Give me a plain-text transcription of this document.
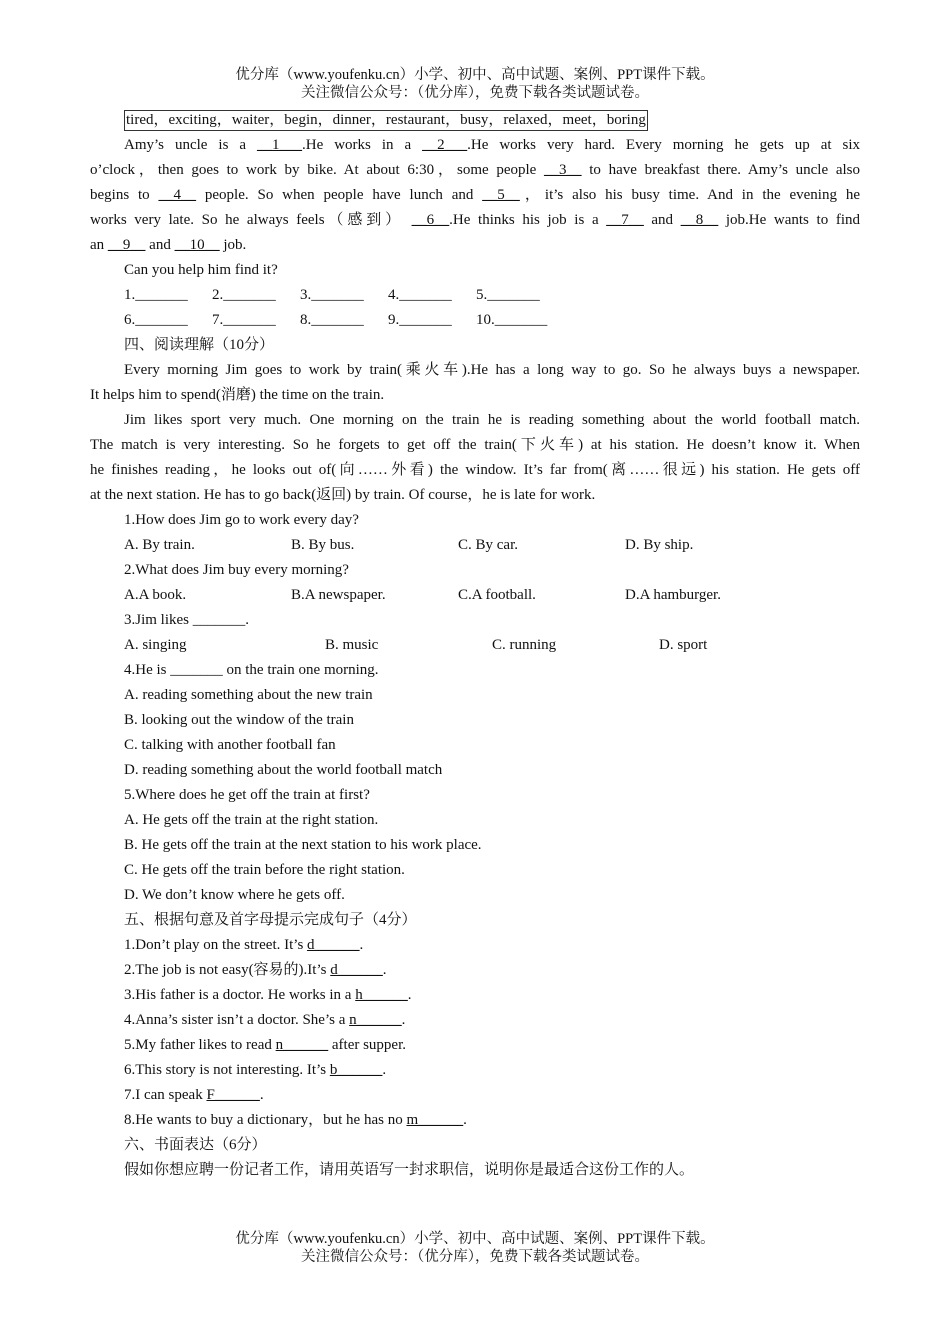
优分库（www.youfenku.cn）小学、初中、高中试题、案例、PPT课件下载。
关注微信公众号：（优分库），免费下载各类试题试卷。
tired，exciting，waiter，begin，dinner，restaurant，busy，relaxed，meet，boring
Amy’s uncle is a __1___.He works in a __2___.He works very hard. Every morning he gets up at six
o’clock，then goes to work by bike. At about 6:30，some people __3__ to have breakfast there. Amy’s uncle also
begins to __4__ people. So when people have lunch and __5__，it’s also his busy time. And in the evening he
works very late. So he always feels（感到） __6__.He thinks his job is a __7__ and __8__ job.He wants to find
an __9__ and __10__ job.
Can you help him find it?
1._______	2._______	3._______	4._______	5._______
6._______	7._______	8._______	9._______	10._______
四、阅读理解（10分）
Every morning Jim goes to work by train(乘火车).He has a long way to go. So he always buys a newspaper.
It helps him to spend(消磨) the time on the train.
Jim likes sport very much. One morning on the train he is reading something about the world football match.
The match is very interesting. So he forgets to get off the train(下火车) at his station. He doesn’t know it. When
he finishes reading，he looks out of(向……外看) the window. It’s far from(离……很远) his station. He gets off
at the next station. He has to go back(返回) by train. Of course，he is late for work.
1.How does Jim go to work every day?
A. By train.	B. By bus.	C. By car.	D. By ship.
2.What does Jim buy every morning?
A.A book.	B.A newspaper.	C.A football.	D.A hamburger.
3.Jim likes _______.
A. singing	B. music	C. running	D. sport
4.He is _______ on the train one morning.
A. reading something about the new train
B. looking out the window of the train
C. talking with another football fan
D. reading something about the world football match
5.Where does he get off the train at first?
A. He gets off the train at the right station.
B. He gets off the train at the next station to his work place.
C. He gets off the train before the right station.
D. We don’t know where he gets off.
五、根据句意及首字母提示完成句子（4分）
1.Don’t play on the street. It’s d______.
2.The job is not easy(容易的).It’s d______.
3.His father is a doctor. He works in a h______.
4.Anna’s sister isn’t a doctor. She’s a n______.
5.My father likes to read n______ after supper.
6.This story is not interesting. It’s b______.
7.I can speak F______.
8.He wants to buy a dictionary，but he has no m______.
六、书面表达（6分）
假如你想应聘一份记者工作，请用英语写一封求职信，说明你是最适合这份工作的人。
优分库（www.youfenku.cn）小学、初中、高中试题、案例、PPT课件下载。
关注微信公众号：（优分库），免费下载各类试题试卷。
